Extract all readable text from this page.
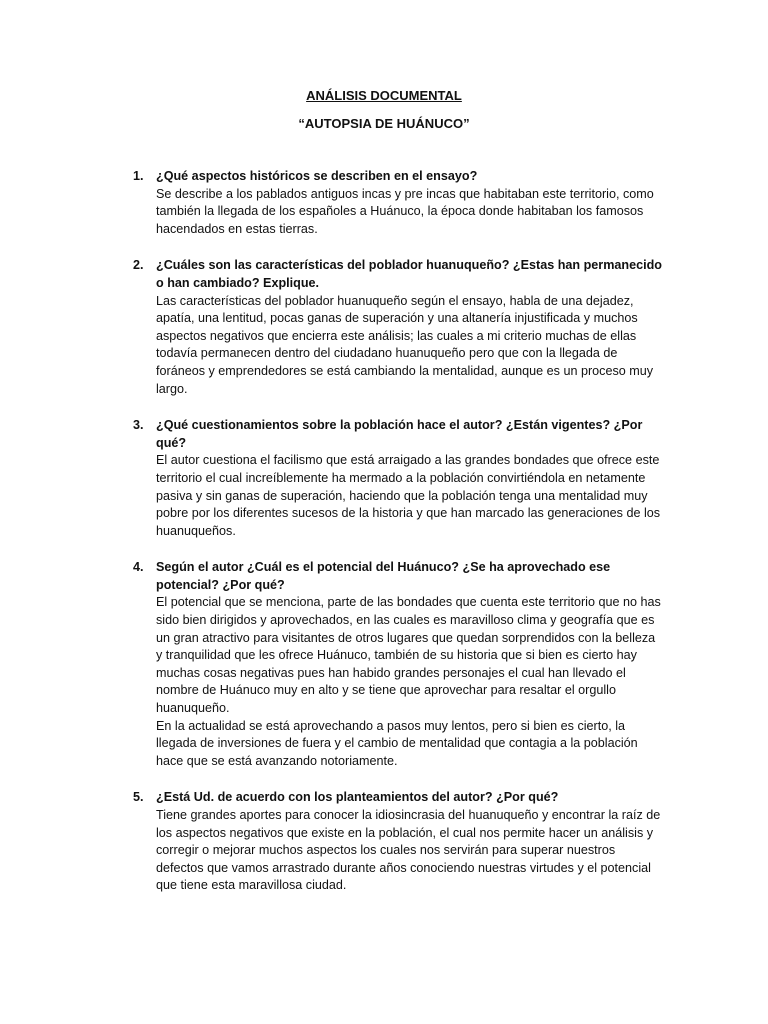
ANÁLISIS DOCUMENTAL
“AUTOPSIA DE HUÁNUCO”
1. ¿Qué aspectos históricos se describen en el ensayo?
Se describe a los pablados antiguos incas y pre incas que habitaban este territorio, como también la llegada de los españoles a Huánuco, la época donde habitaban los famosos hacendados en estas tierras.
2. ¿Cuáles son las características del poblador huanuqueño? ¿Estas han permanecido o han cambiado? Explique.
Las características del poblador huanuqueño según el ensayo, habla de una dejadez, apatía, una lentitud, pocas ganas de superación y una altanería injustificada y muchos aspectos negativos que encierra este análisis; las cuales a mi criterio muchas de ellas todavía permanecen dentro del ciudadano huanuqueño pero que con la llegada de foráneos y emprendedores se está cambiando la mentalidad, aunque es un proceso muy largo.
3. ¿Qué cuestionamientos sobre la población hace el autor? ¿Están vigentes? ¿Por qué?
El autor cuestiona el facilismo que está arraigado a las grandes bondades que ofrece este territorio el cual increíblemente ha mermado a la población convirtiéndola en netamente pasiva y sin ganas de superación, haciendo que la población tenga una mentalidad muy pobre por los diferentes sucesos de la historia y que han marcado las generaciones de los huanuqueños.
4. Según el autor ¿Cuál es el potencial del Huánuco? ¿Se ha aprovechado ese potencial? ¿Por qué?
El potencial que se menciona, parte de las bondades que cuenta este territorio que no has sido bien dirigidos y aprovechados, en las cuales es maravilloso clima y geografía que es un gran atractivo para visitantes de otros lugares que quedan sorprendidos con la belleza y tranquilidad que les ofrece Huánuco, también de su historia que si bien es cierto hay muchas cosas negativas pues han habido grandes personajes el cual han llevado el nombre de Huánuco muy en alto y se tiene que aprovechar para resaltar el orgullo huanuqueño.
En la actualidad se está aprovechando a pasos muy lentos, pero si bien es cierto, la llegada de inversiones de fuera y el cambio de mentalidad que contagia a la población hace que se está avanzando notoriamente.
5. ¿Está Ud. de acuerdo con los planteamientos del autor? ¿Por qué?
Tiene grandes aportes para conocer la idiosincrasia del huanuqueño y encontrar la raíz de los aspectos negativos que existe en la población, el cual nos permite hacer un análisis y corregir o mejorar muchos aspectos los cuales nos servirán para superar nuestros defectos que vamos arrastrado durante años conociendo nuestras virtudes y el potencial que tiene esta maravillosa ciudad.
